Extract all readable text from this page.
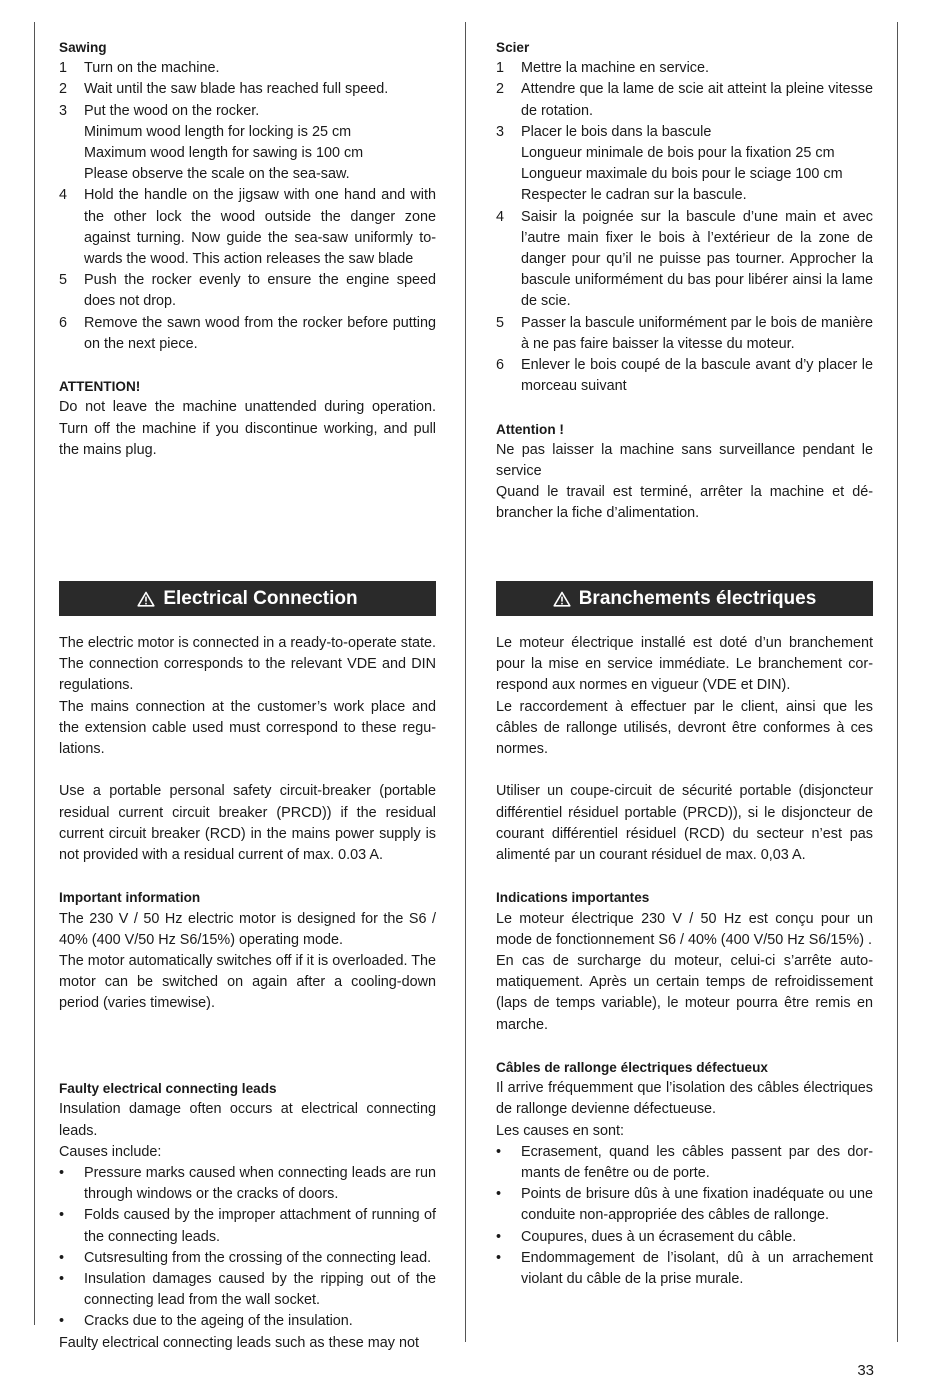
Sawing
1	Turn on the machine.
2	Wait until the saw blade has reached full speed.
3	Put the wood on the rocker.
Minimum wood length for locking is 25 cm
Maximum wood length for sawing is 100 cm
Please observe the scale on the sea-saw.
4	Hold the handle on the jigsaw with one hand and with the other lock the wood outside the danger zone against turning. Now guide the sea-saw uniformly towards the wood. This action releases the saw blade
5	Push the rocker evenly to ensure the engine speed does not drop.
6	Remove the sawn wood from the rocker before putting on the next piece.
ATTENTION!

Do not leave the machine unattended during operation. Turn off the machine if you discontinue working, and pull the mains plug.

Scier
1	Mettre la machine en service.
2	Attendre que la lame de scie ait atteint la pleine vitesse de rotation.
3	Placer le bois dans la bascule
Longueur minimale de bois pour la fixation 25 cm
Longueur maximale du bois pour le sciage 100 cm
Respecter le cadran sur la bascule.
4	Saisir la poignée sur la bascule d’une main et avec l’autre main fixer le bois à l’extérieur de la zone de danger pour qu’il ne puisse pas tourner. Approcher la bascule uniformément du bas pour libérer ainsi la lame de scie.
5	Passer la bascule uniformément par le bois de manière à ne pas faire baisser la vitesse du moteur.
6	Enlever le bois coupé de la bascule avant d’y placer le morceau suivant
Attention !

Ne pas laisser la machine sans surveillance pendant le service

Quand le travail est terminé, arrêter la machine et débrancher la fiche d’alimentation.

Electrical Connection	Branchements électriques

The electric motor is connected in a ready-to-operate state. The connection corresponds to the relevant VDE and DIN regulations.

The mains connection at the customer’s work place and the extension cable used must correspond to these regulations.

Use a portable personal safety circuit-breaker (portable residual current circuit breaker (PRCD)) if the residual current circuit breaker (RCD) in the mains power supply is not provided with a residual current of max. 0.03 A.

Important information

The 230 V / 50 Hz electric motor is designed for the S6 / 40% (400 V/50 Hz S6/15%) operating mode.

The motor automatically switches off if it is overloaded. The motor can be switched on again after a cooling-down period (varies timewise).

Faulty electrical connecting leads

Insulation damage often occurs at electrical connecting leads.

Causes include:

•	Pressure marks caused when connecting leads are run through windows or the cracks of doors.
•	Folds caused by the improper attachment of running of the connecting leads.
•	Cutsresulting from the crossing of the connecting lead.
•	Insulation damages caused by the ripping out of the connecting lead from the wall socket.
•	Cracks due to the ageing of the insulation.

Faulty electrical connecting leads such as these may not

Le moteur électrique installé est doté d’un branchement pour la mise en service immédiate. Le branchement correspond aux normes en vigueur (VDE et DIN).

Le raccordement à effectuer par le client, ainsi que les câbles de rallonge utilisés, devront être conformes à ces normes.

Utiliser un coupe-circuit de sécurité portable (disjoncteur différentiel résiduel portable (PRCD)), si le disjoncteur de courant différentiel résiduel (RCD) du secteur n’est pas alimenté par un courant résiduel de max. 0,03 A.

Indications importantes

Le moteur électrique 230 V / 50 Hz est conçu pour un mode de fonctionnement S6 / 40% (400 V/50 Hz S6/15%) .

En cas de surcharge du moteur, celui-ci s’arrête automatiquement. Après un certain temps de refroidissement (laps de temps variable), le moteur pourra être remis en marche.

Câbles de rallonge électriques défectueux

Il arrive fréquemment que l’isolation des câbles électriques de rallonge devienne défectueuse.

Les causes en sont:

•	Ecrasement, quand les câbles passent par des dormants de fenêtre ou de porte.
•	Points de brisure dûs à une fixation inadéquate ou une conduite non-appropriée des câbles de rallonge.
•	Coupures, dues à un écrasement du câble.
•	Endommagement de l’isolant, dû à un arrachement violant du câble de la prise murale.
33
